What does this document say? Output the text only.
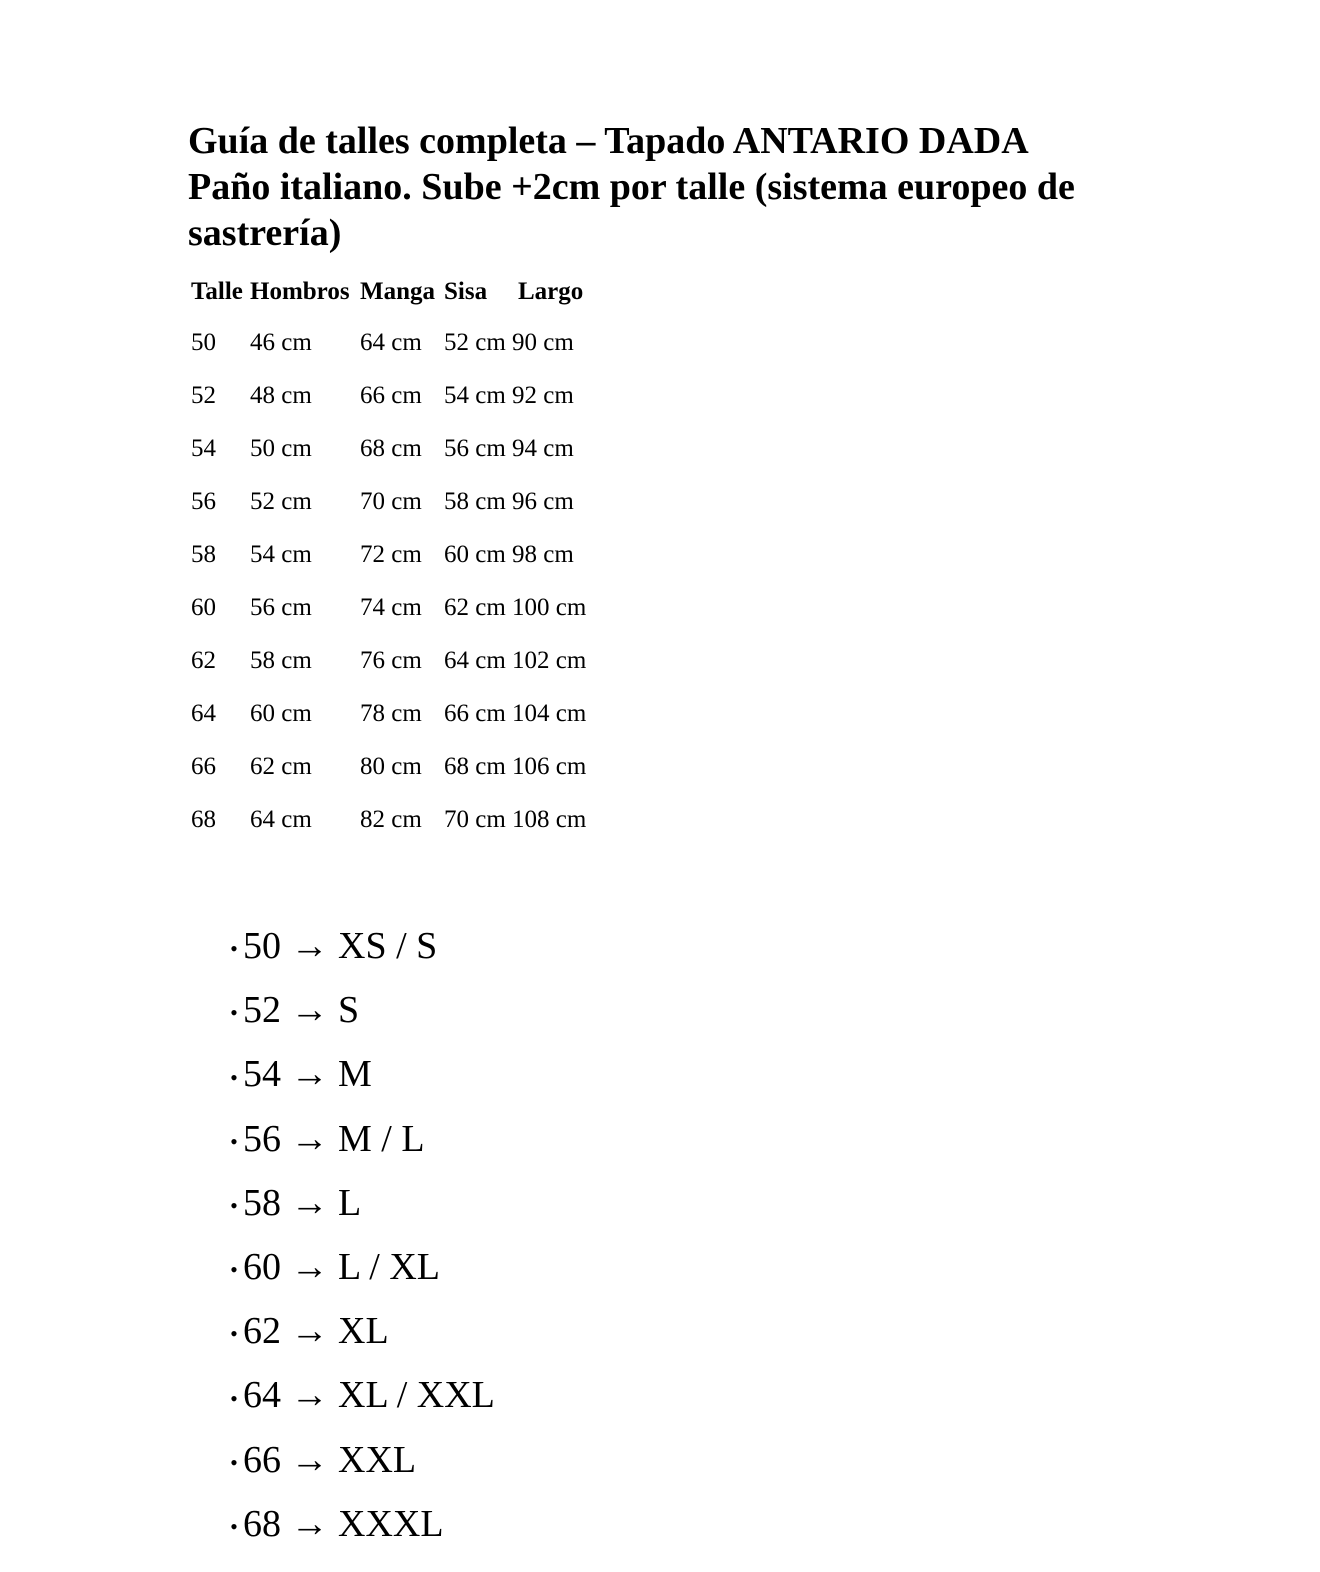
Guía de talles completa – Tapado ANTARIO DADA
Paño italiano. Sube +2cm por talle (sistema europeo de
sastrería)
Talle	Hombros	Manga	Sisa	Largo
50	46 cm	64 cm	52 cm	90 cm
52	48 cm	66 cm	54 cm	92 cm
54	50 cm	68 cm	56 cm	94 cm
56	52 cm	70 cm	58 cm	96 cm
58	54 cm	72 cm	60 cm	98 cm
60	56 cm	74 cm	62 cm	100 cm
62	58 cm	76 cm	64 cm	102 cm
64	60 cm	78 cm	66 cm	104 cm
66	62 cm	80 cm	68 cm	106 cm
68	64 cm	82 cm	70 cm	108 cm
• 50 → XS / S
• 52 → S
• 54 → M
• 56 → M / L
• 58 → L
• 60 → L / XL
• 62 → XL
• 64 → XL / XXL
• 66 → XXL
• 68 → XXXL
